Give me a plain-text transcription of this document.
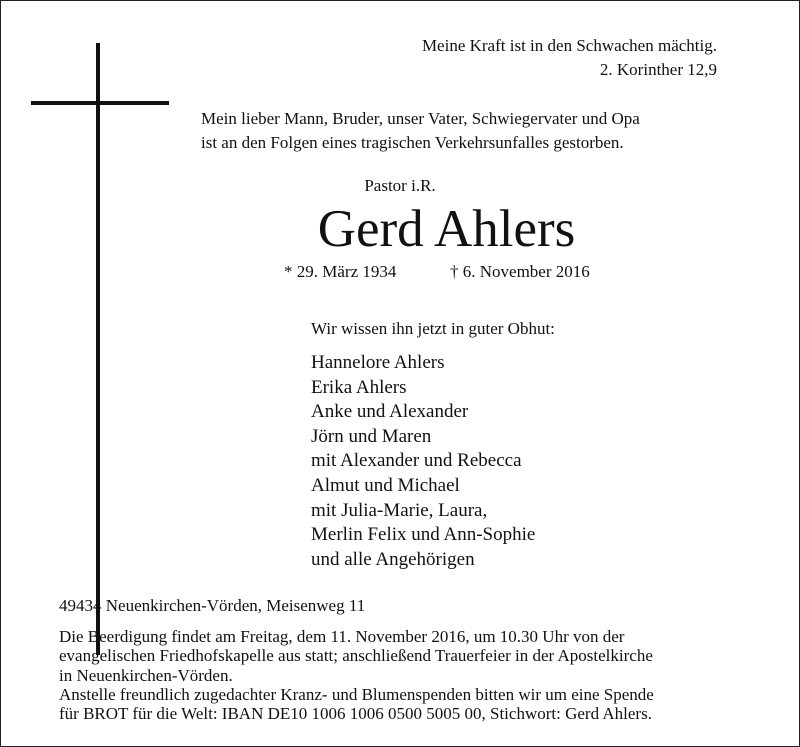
Meine Kraft ist in den Schwachen mächtig.
2. Korinther 12,9
Mein lieber Mann, Bruder, unser Vater, Schwiegervater und Opa
ist an den Folgen eines tragischen Verkehrsunfalles gestorben.
Pastor i.R.
Gerd Ahlers
* 29. März 1934	† 6. November 2016
Wir wissen ihn jetzt in guter Obhut:
Hannelore Ahlers
Erika Ahlers
Anke und Alexander
Jörn und Maren
mit Alexander und Rebecca
Almut und Michael
mit Julia-Marie, Laura,
Merlin Felix und Ann-Sophie
und alle Angehörigen
49434 Neuenkirchen-Vörden, Meisenweg 11
Die Beerdigung findet am Freitag, dem 11. November 2016, um 10.30 Uhr von der
evangelischen Friedhofskapelle aus statt; anschließend Trauerfeier in der Apostelkirche
in Neuenkirchen-Vörden.
Anstelle freundlich zugedachter Kranz- und Blumenspenden bitten wir um eine Spende
für BROT für die Welt: IBAN DE10 1006 1006 0500 5005 00, Stichwort: Gerd Ahlers.
